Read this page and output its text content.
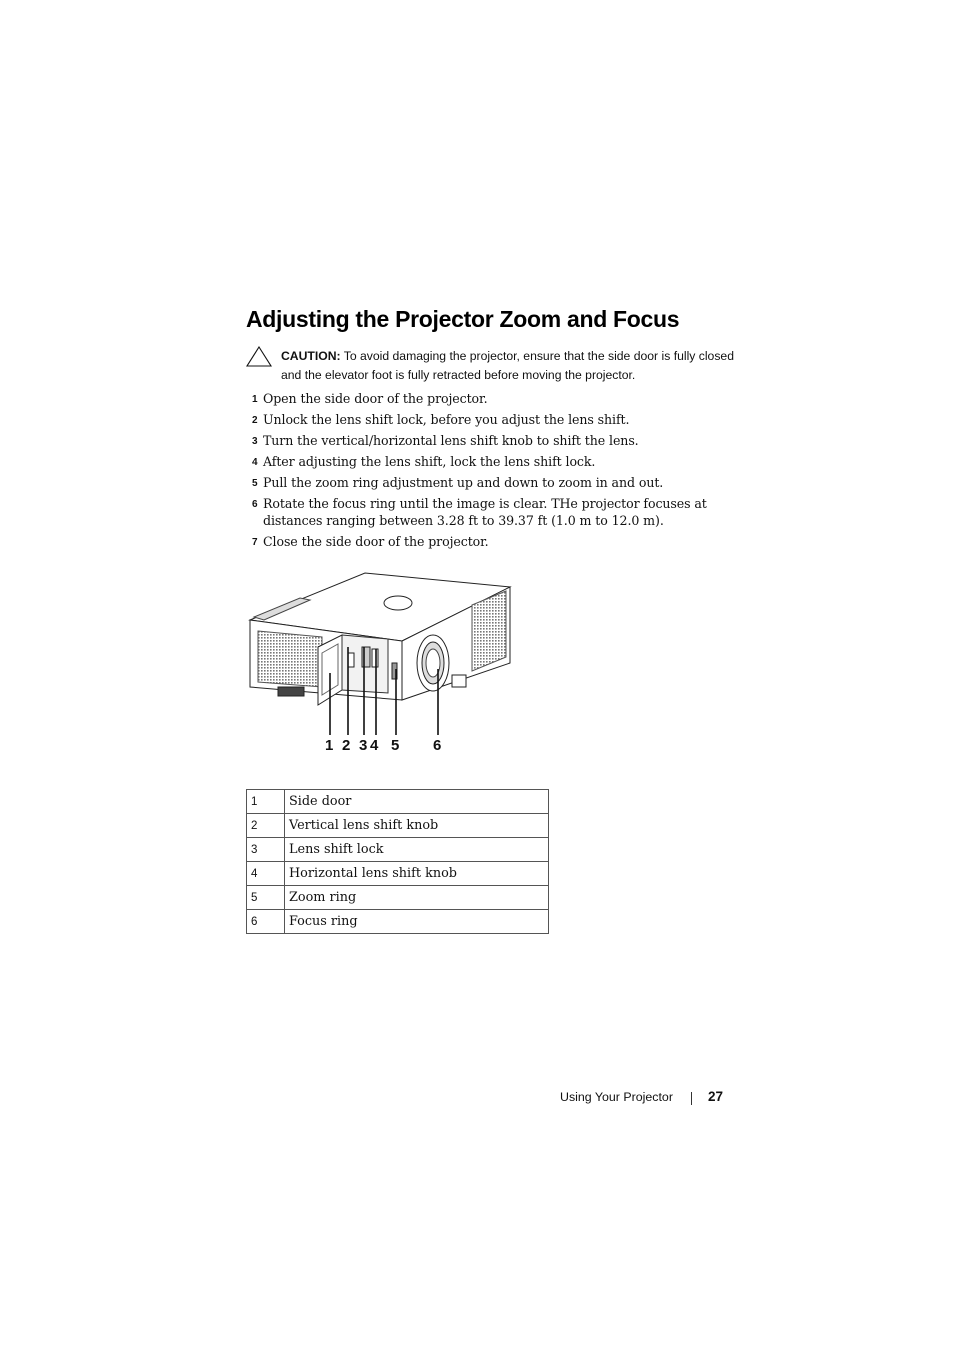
Adjusting the Projector Zoom and Focus
CAUTION: To avoid damaging the projector, ensure that the side door is fully closed and the elevator foot is fully retracted before moving the projector.
1 Open the side door of the projector.
2 Unlock the lens shift lock, before you adjust the lens shift.
3 Turn the vertical/horizontal lens shift knob to shift the lens.
4 After adjusting the lens shift, lock the lens shift lock.
5 Pull the zoom ring adjustment up and down to zoom in and out.
6 Rotate the focus ring until the image is clear. THe projector focuses at distances ranging between 3.28 ft to 39.37 ft (1.0 m to 12.0 m).
7 Close the side door of the projector.
1 2 3 4 5 6
1	Side door
2	Vertical lens shift knob
3	Lens shift lock
4	Horizontal lens shift knob
5	Zoom ring
6	Focus ring
Using Your Projector	27
